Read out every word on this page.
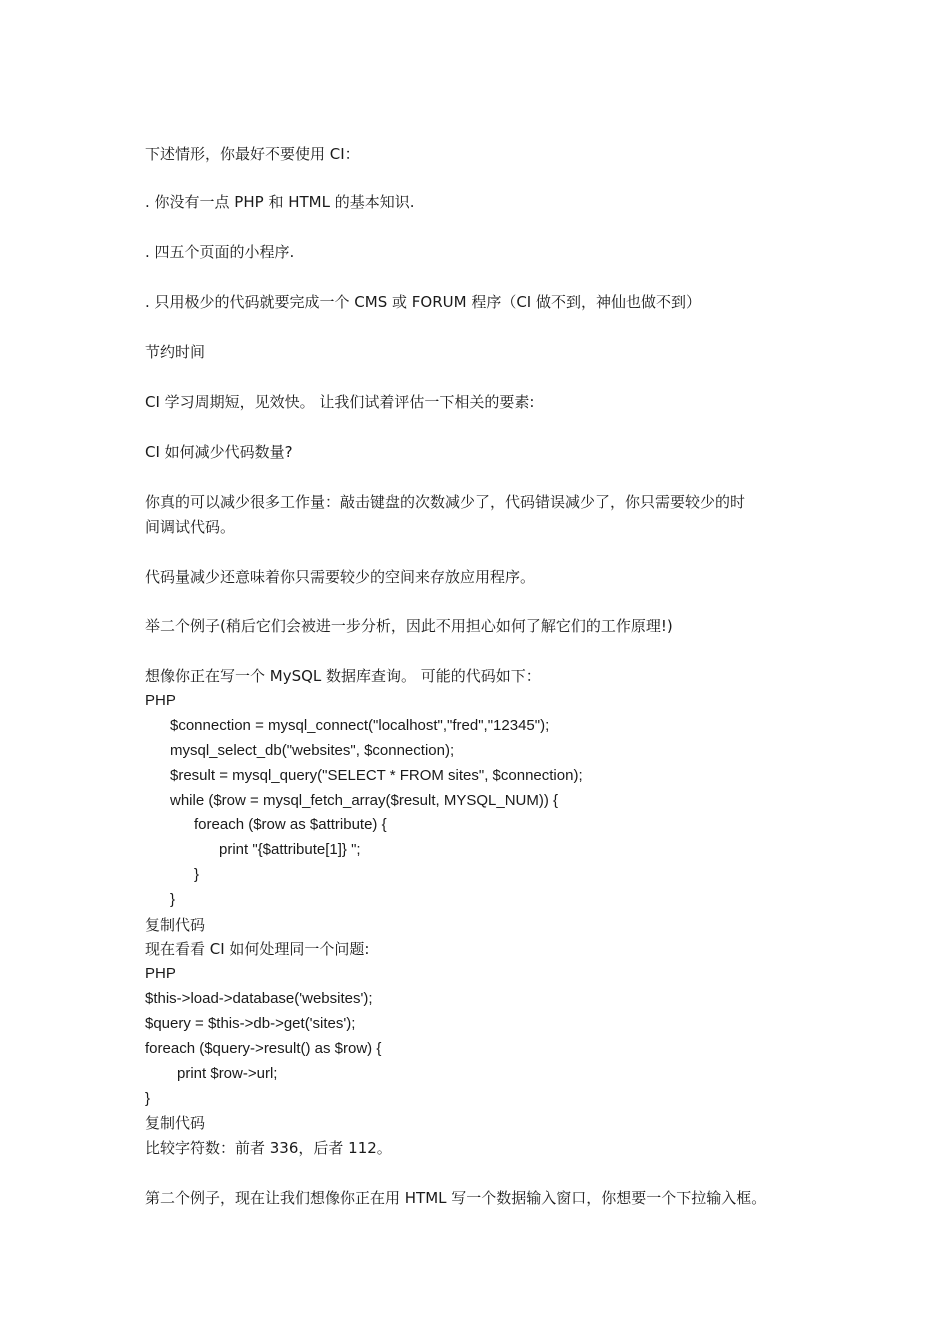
下述情形，你最好不要使用 CI：

. 你没有一点 PHP 和 HTML 的基本知识.

. 四五个页面的小程序.

. 只用极少的代码就要完成一个 CMS 或 FORUM 程序（CI 做不到，神仙也做不到）

节约时间

CI 学习周期短，见效快。 让我们试着评估一下相关的要素:

CI 如何减少代码数量?

你真的可以减少很多工作量：敲击键盘的次数减少了，代码错误减少了，你只需要较少的时

间调试代码。

代码量减少还意味着你只需要较少的空间来存放应用程序。

举二个例子(稍后它们会被进一步分析，因此不用担心如何了解它们的工作原理!)

想像你正在写一个 MySQL 数据库查询。 可能的代码如下：

PHP

$connection = mysql_connect("localhost","fred","12345");

mysql_select_db("websites", $connection);

$result = mysql_query("SELECT * FROM sites", $connection);

while ($row = mysql_fetch_array($result, MYSQL_NUM)) {

foreach ($row as $attribute) {

print "{$attribute[1]} ";

}

}

复制代码

现在看看 CI 如何处理同一个问题:

PHP

$this->load->database('websites');

$query = $this->db->get('sites');

foreach ($query->result() as $row) {

print $row->url;

}

复制代码

比较字符数：前者 336，后者 112。

第二个例子，现在让我们想像你正在用 HTML 写一个数据输入窗口，你想要一个下拉输入框。
